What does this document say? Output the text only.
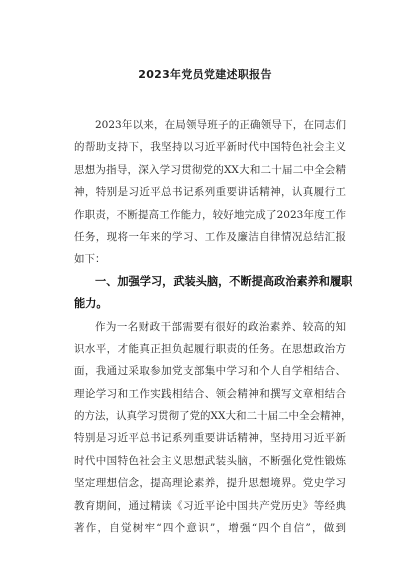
2023年党员党建述职报告
2023年以来，在局领导班子的正确领导下，在同志们
的帮助支持下，我坚持以习近平新时代中国特色社会主义
思想为指导，深入学习贯彻党的XX大和二十届二中全会精
神，特别是习近平总书记系列重要讲话精神，认真履行工
作职责，不断提高工作能力，较好地完成了2023年度工作
任务，现将一年来的学习、工作及廉洁自律情况总结汇报
如下：
一、加强学习，武装头脑，不断提高政治素养和履职
能力。
作为一名财政干部需要有很好的政治素养、较高的知
识水平，才能真正担负起履行职责的任务。在思想政治方
面，我通过采取参加党支部集中学习和个人自学相结合、
理论学习和工作实践相结合、领会精神和撰写文章相结合
的方法，认真学习贯彻了党的XX大和二十届二中全会精神，
特别是习近平总书记系列重要讲话精神，坚持用习近平新
时代中国特色社会主义思想武装头脑，不断强化党性锻炼
坚定理想信念，提高理论素养，提升思想境界。党史学习
教育期间，通过精读《习近平论中国共产党历史》等经典
著作，自觉树牢“四个意识”，增强“四个自信”，做到
